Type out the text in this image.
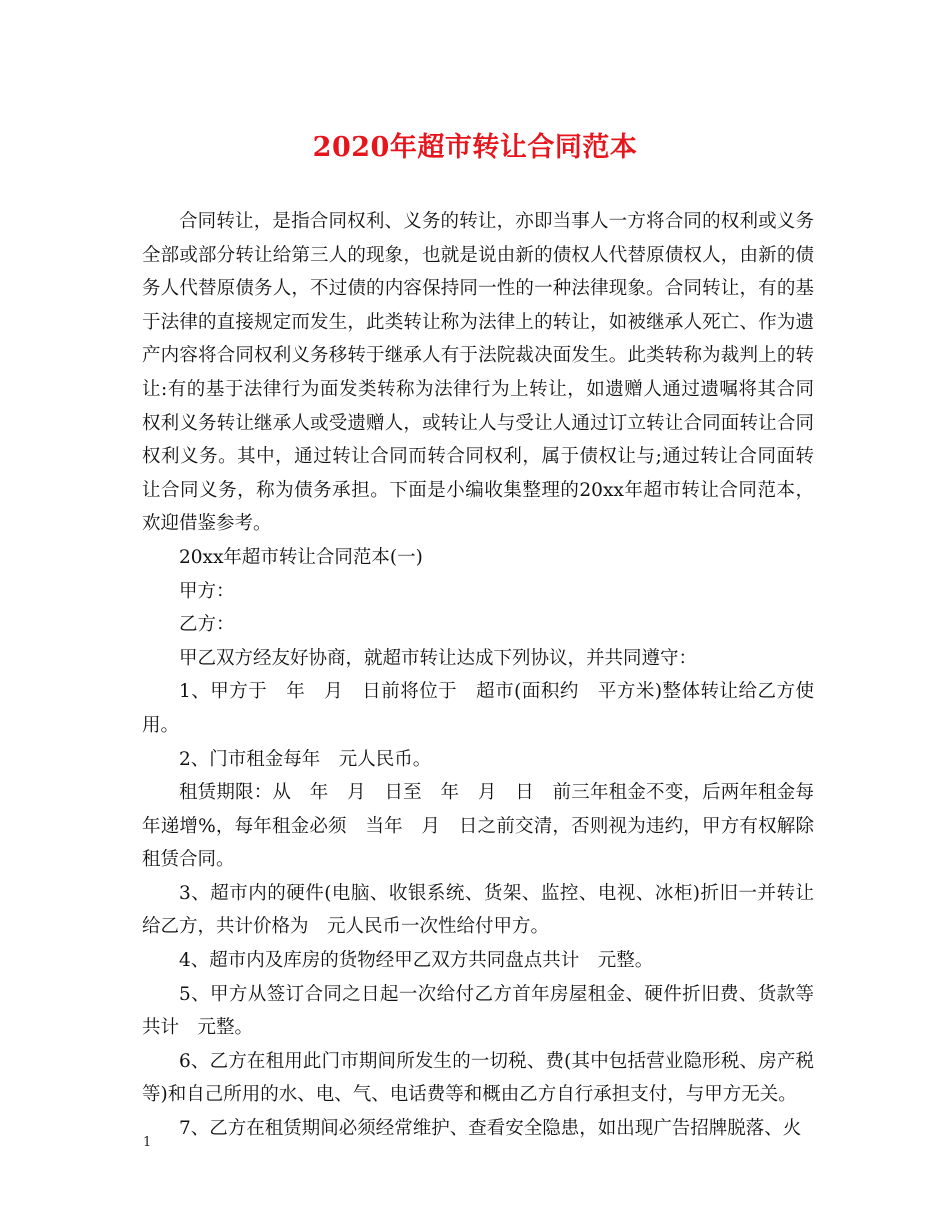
2020年超市转让合同范本

合同转让，是指合同权利、义务的转让，亦即当事人一方将合同的权利或义务全部或部分转让给第三人的现象，也就是说由新的债权人代替原债权人，由新的债务人代替原债务人，不过债的内容保持同一性的一种法律现象。合同转让，有的基于法律的直接规定而发生，此类转让称为法律上的转让，如被继承人死亡、作为遗产内容将合同权利义务移转于继承人有于法院裁决面发生。此类转称为裁判上的转让:有的基于法律行为面发类转称为法律行为上转让，如遗赠人通过遗嘱将其合同权利义务转让继承人或受遗赠人，或转让人与受让人通过订立转让合同面转让合同权利义务。其中，通过转让合同而转合同权利，属于债权让与;通过转让合同面转让合同义务，称为债务承担。下面是小编收集整理的20xx年超市转让合同范本，欢迎借鉴参考。

20xx年超市转让合同范本(一)

甲方：

乙方：

甲乙双方经友好协商，就超市转让达成下列协议，并共同遵守：

1、甲方于　年　月　日前将位于　超市(面积约　平方米)整体转让给乙方使用。

2、门市租金每年　元人民币。

租赁期限：从　年　月　日至　年　月　日　前三年租金不变，后两年租金每年递增%，每年租金必须　当年　月　日之前交清，否则视为违约，甲方有权解除租赁合同。

3、超市内的硬件(电脑、收银系统、货架、监控、电视、冰柜)折旧一并转让给乙方，共计价格为　元人民币一次性给付甲方。

4、超市内及库房的货物经甲乙双方共同盘点共计　元整。

5、甲方从签订合同之日起一次给付乙方首年房屋租金、硬件折旧费、货款等共计　元整。

6、乙方在租用此门市期间所发生的一切税、费(其中包括营业隐形税、房产税等)和自己所用的水、电、气、电话费等和概由乙方自行承担支付，与甲方无关。

7、乙方在租赁期间必须经常维护、查看安全隐患，如出现广告招牌脱落、火

1
